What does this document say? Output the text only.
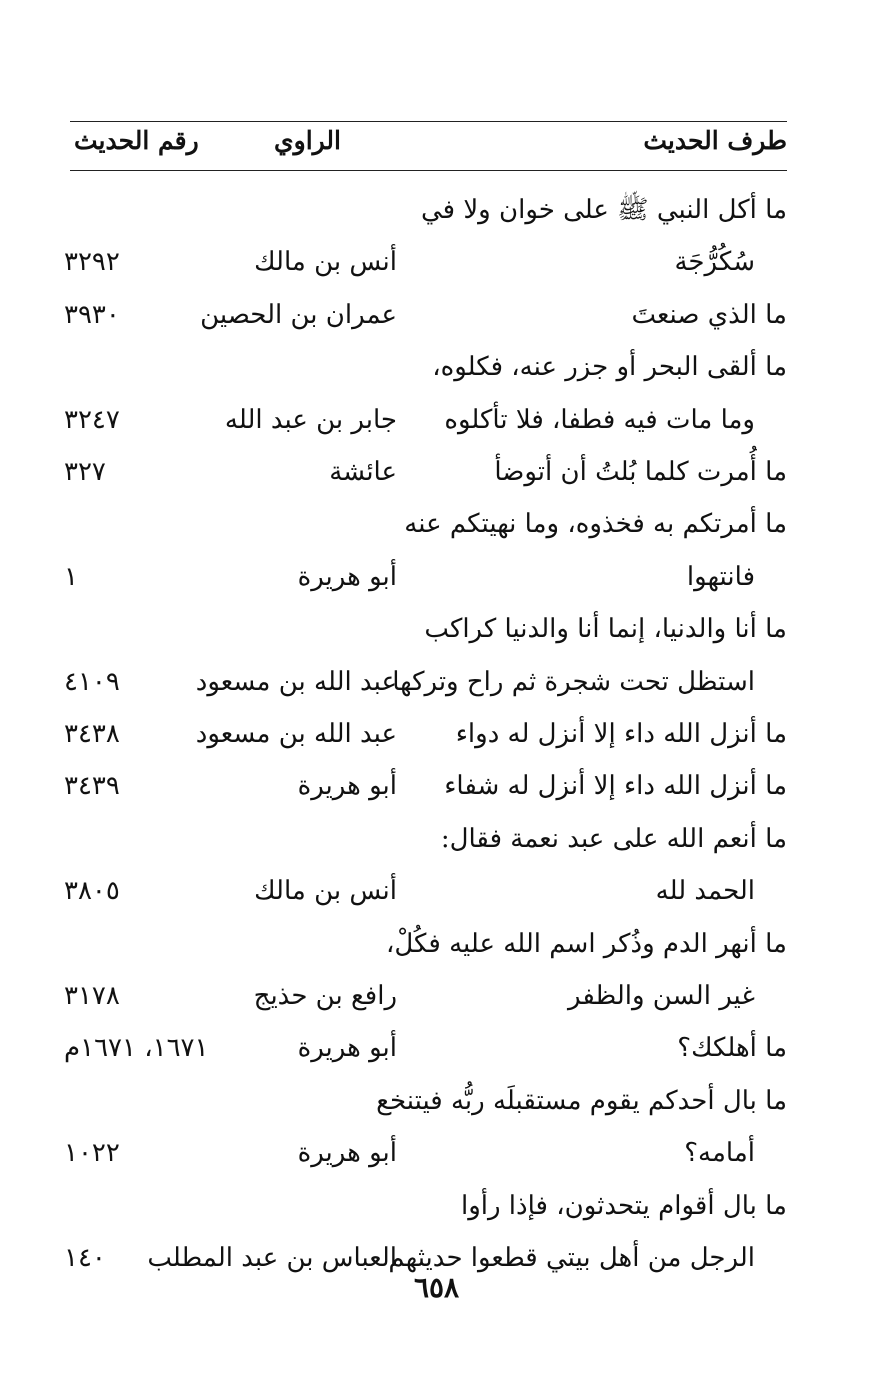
طرف الحديث
الراوي
رقم الحديث
ما أكل النبي ﷺ على خوان ولا في
سُكُرُّجَة
أنس بن مالك
٣٢٩٢
ما الذي صنعتَ
عمران بن الحصين
٣٩٣٠
ما ألقى البحر أو جزر عنه، فكلوه،
وما مات فيه فطفا، فلا تأكلوه
جابر بن عبد الله
٣٢٤٧
ما أُمرت كلما بُلتُ أن أتوضأ
عائشة
٣٢٧
ما أمرتكم به فخذوه، وما نهيتكم عنه
فانتهوا
أبو هريرة
١
ما أنا والدنيا، إنما أنا والدنيا كراكب
استظل تحت شجرة ثم راح وتركها
عبد الله بن مسعود
٤١٠٩
ما أنزل الله داء إلا أنزل له دواء
عبد الله بن مسعود
٣٤٣٨
ما أنزل الله داء إلا أنزل له شفاء
أبو هريرة
٣٤٣٩
ما أنعم الله على عبد نعمة فقال:
الحمد لله
أنس بن مالك
٣٨٠٥
ما أنهر الدم وذُكر اسم الله عليه فكُلْ،
غير السن والظفر
رافع بن حذيج
٣١٧٨
ما أهلكك؟
أبو هريرة
١٦٧١، ١٦٧١م
ما بال أحدكم يقوم مستقبلَه ربُّه فيتنخع
أمامه؟
أبو هريرة
١٠٢٢
ما بال أقوام يتحدثون، فإذا رأوا
الرجل من أهل بيتي قطعوا حديثهم
العباس بن عبد المطلب
١٤٠
٦٥٨
